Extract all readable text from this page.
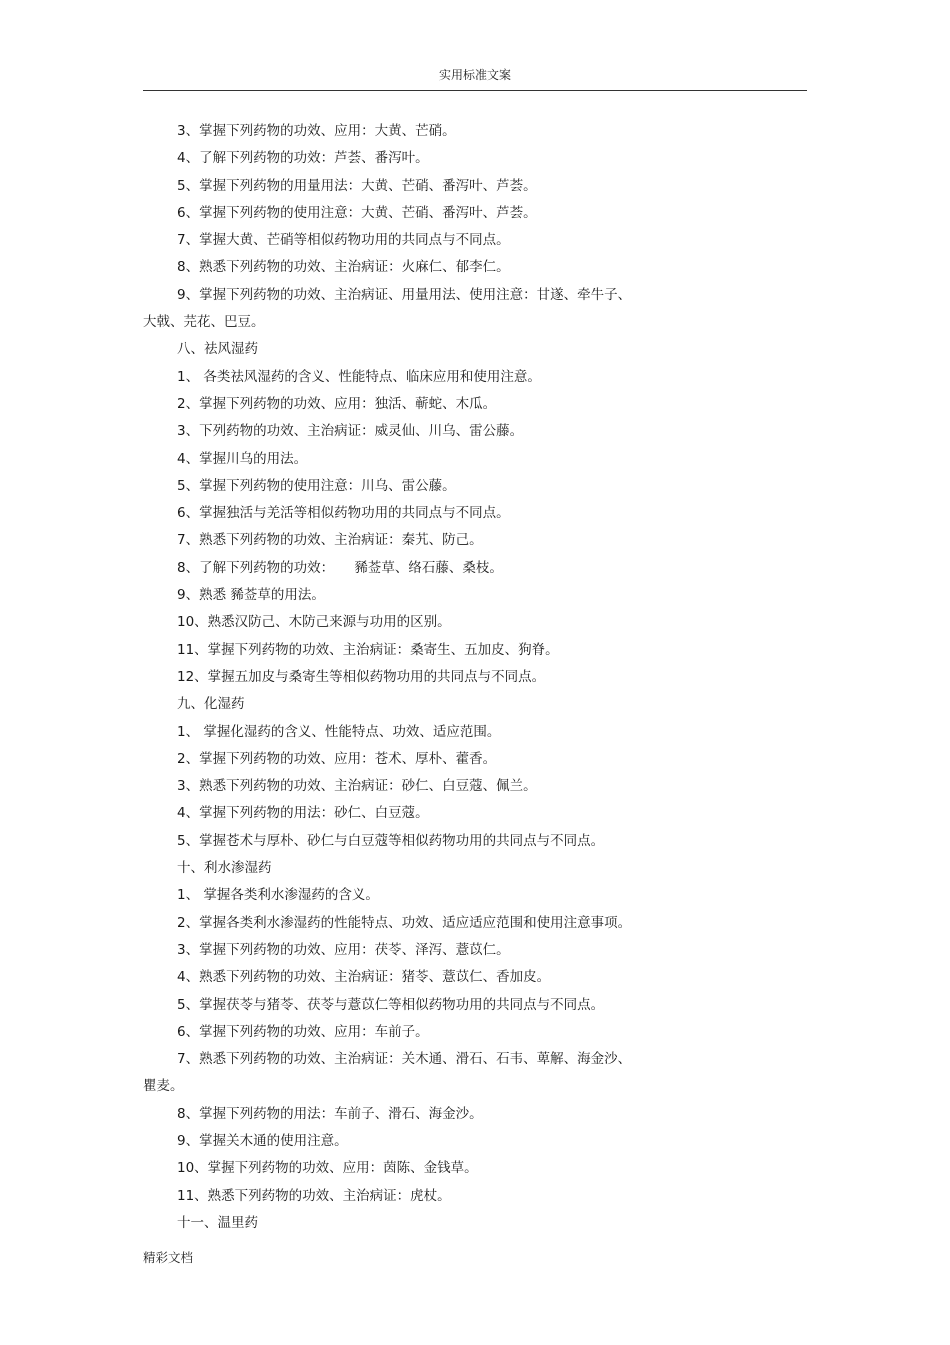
实用标准文案

3、掌握下列药物的功效、应用：大黄、芒硝。

4、了解下列药物的功效：芦荟、番泻叶。

5、掌握下列药物的用量用法：大黄、芒硝、番泻叶、芦荟。

6、掌握下列药物的使用注意：大黄、芒硝、番泻叶、芦荟。

7、掌握大黄、芒硝等相似药物功用的共同点与不同点。

8、熟悉下列药物的功效、主治病证：火麻仁、郁李仁。

9、掌握下列药物的功效、主治病证、用量用法、使用注意：甘遂、牵牛子、

大戟、芫花、巴豆。

八、祛风湿药

1、 各类祛风湿药的含义、性能特点、临床应用和使用注意。

2、掌握下列药物的功效、应用：独活、蕲蛇、木瓜。

3、下列药物的功效、主治病证：威灵仙、川乌、雷公藤。

4、掌握川乌的用法。

5、掌握下列药物的使用注意：川乌、雷公藤。

6、掌握独活与羌活等相似药物功用的共同点与不同点。

7、熟悉下列药物的功效、主治病证：秦艽、防己。

8、了解下列药物的功效：　　豨莶草、络石藤、桑枝。

9、熟悉 豨莶草的用法。

10、熟悉汉防己、木防己来源与功用的区别。

11、掌握下列药物的功效、主治病证：桑寄生、五加皮、狗脊。

12、掌握五加皮与桑寄生等相似药物功用的共同点与不同点。

九、化湿药

1、 掌握化湿药的含义、性能特点、功效、适应范围。

2、掌握下列药物的功效、应用：苍术、厚朴、藿香。

3、熟悉下列药物的功效、主治病证：砂仁、白豆蔻、佩兰。

4、掌握下列药物的用法：砂仁、白豆蔻。

5、掌握苍术与厚朴、砂仁与白豆蔻等相似药物功用的共同点与不同点。

十、利水渗湿药

1、 掌握各类利水渗湿药的含义。

2、掌握各类利水渗湿药的性能特点、功效、适应适应范围和使用注意事项。

3、掌握下列药物的功效、应用：茯苓、泽泻、薏苡仁。

4、熟悉下列药物的功效、主治病证：猪苓、薏苡仁、香加皮。

5、掌握茯苓与猪苓、茯苓与薏苡仁等相似药物功用的共同点与不同点。

6、掌握下列药物的功效、应用：车前子。

7、熟悉下列药物的功效、主治病证：关木通、滑石、石韦、萆解、海金沙、

瞿麦。

8、掌握下列药物的用法：车前子、滑石、海金沙。

9、掌握关木通的使用注意。

10、掌握下列药物的功效、应用：茵陈、金钱草。

11、熟悉下列药物的功效、主治病证：虎杖。

十一、温里药

精彩文档
